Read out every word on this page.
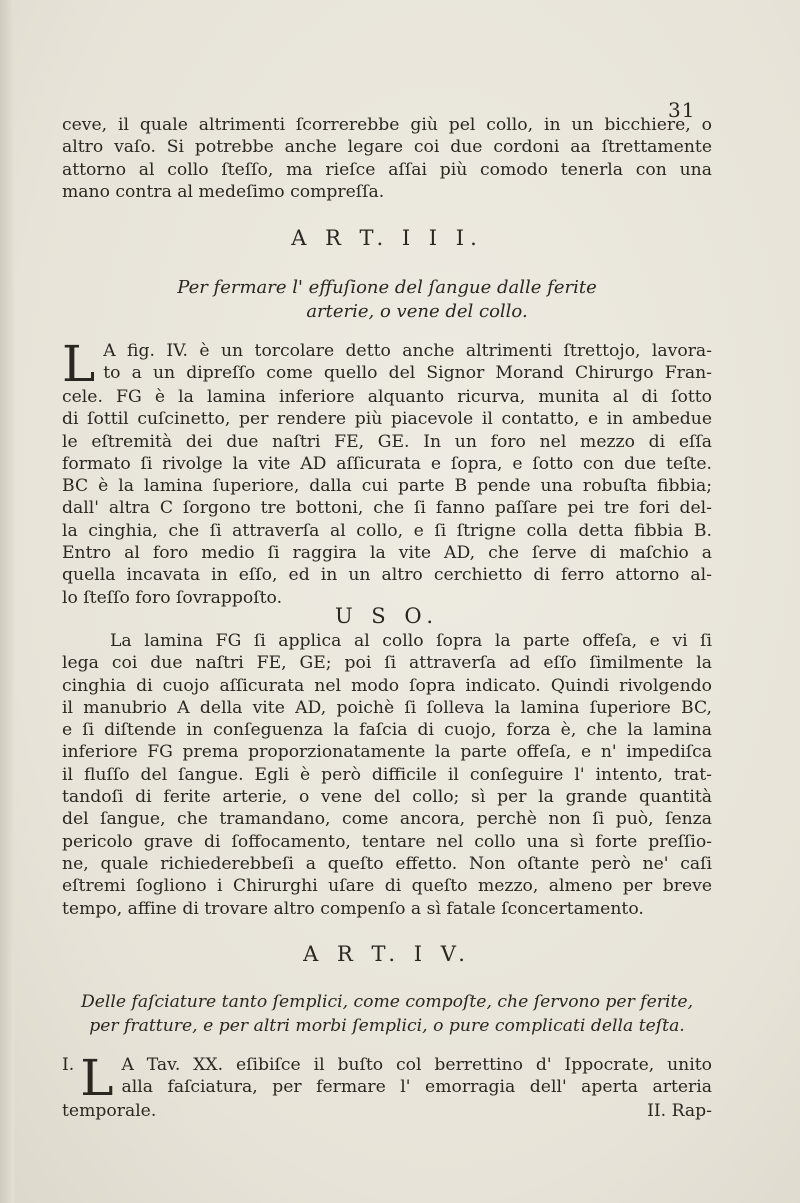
31
ceve, il quale altrimenti ſcorrerebbe giù pel collo, in un bicchiere, o
altro vaſo. Si potrebbe anche legare coi due cordoni aa ſtrettamente
attorno al collo ſteſſo, ma rieſce aſſai più comodo tenerla con una
mano contra al medeſimo compreſſa.
A R T. I I I.
Per fermare l' effuſione del ſangue dalle ferite
arterie, o vene del collo.
L A fig. IV. è un torcolare detto anche altrimenti ſtrettojo, lavora-
to a un dipreſſo come quello del Signor Morand Chirurgo Fran-
cele. FG è la lamina inferiore alquanto ricurva, munita al di ſotto
di ſottil cuſcinetto, per rendere più piacevole il contatto, e in ambedue
le eſtremità dei due naſtri FE, GE. In un foro nel mezzo di eſſa
formato ſi rivolge la vite AD aſſicurata e ſopra, e ſotto con due teſte.
BC è la lamina ſuperiore, dalla cui parte B pende una robuſta fibbia;
dall' altra C ſorgono tre bottoni, che ſi fanno paſſare pei tre fori del-
la cinghia, che ſi attraverſa al collo, e ſi ſtrigne colla detta fibbia B.
Entro al foro medio ſi raggira la vite AD, che ſerve di maſchio a
quella incavata in eſſo, ed in un altro cerchietto di ferro attorno al-
lo ſteſſo foro ſovrappoſto.
U S O.
La lamina FG ſi applica al collo ſopra la parte offeſa, e vi ſi
lega coi due naſtri FE, GE; poi ſi attraverſa ad eſſo ſimilmente la
cinghia di cuojo aſſicurata nel modo ſopra indicato. Quindi rivolgendo
il manubrio A della vite AD, poichè ſi ſolleva la lamina ſuperiore BC,
e ſi diſtende in conſeguenza la faſcia di cuojo, forza è, che la lamina
inferiore FG prema proporzionatamente la parte offeſa, e n' impediſca
il fluſſo del ſangue. Egli è però difficile il conſeguire l' intento, trat-
tandoſi di ferite arterie, o vene del collo; sì per la grande quantità
del ſangue, che tramandano, come ancora, perchè non ſi può, ſenza
pericolo grave di ſoffocamento, tentare nel collo una sì forte preſſio-
ne, quale richiederebbeſi a queſto effetto. Non oſtante però ne' caſi
eſtremi ſogliono i Chirurghi uſare di queſto mezzo, almeno per breve
tempo, affine di trovare altro compenſo a sì fatale ſconcertamento.
A R T. I V.
Delle faſciature tanto ſemplici, come compoſte, che ſervono per ferite,
per fratture, e per altri morbi ſemplici, o pure complicati della teſta.
I. L A Tav. XX. eſibiſce il buſto col berrettino d' Ippocrate, unito
alla faſciatura, per fermare l' emorragia dell' aperta arteria
temporale.	II. Rap-
